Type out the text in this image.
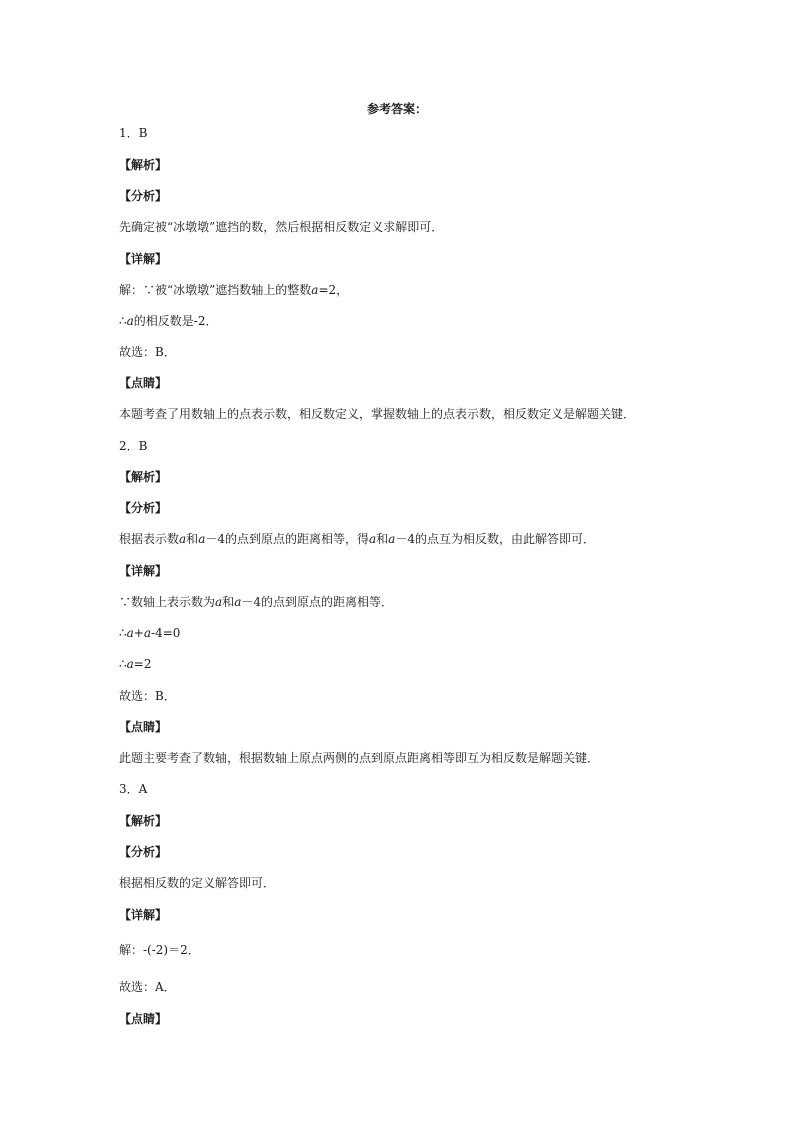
参考答案：
1．B
【解析】
【分析】
先确定被“冰墩墩”遮挡的数，然后根据相反数定义求解即可．
【详解】
解：∵被“冰墩墩”遮挡数轴上的整数a=2，
∴a的相反数是-2．
故选：B．
【点睛】
本题考查了用数轴上的点表示数，相反数定义，掌握数轴上的点表示数，相反数定义是解题关键．
2．B
【解析】
【分析】
根据表示数a和a－4的点到原点的距离相等，得a和a－4的点互为相反数，由此解答即可．
【详解】
∵数轴上表示数为a和a－4的点到原点的距离相等．
∴a+a-4=0
∴a=2
故选：B．
【点睛】
此题主要考查了数轴，根据数轴上原点两侧的点到原点距离相等即互为相反数是解题关键．
3．A
【解析】
【分析】
根据相反数的定义解答即可．
【详解】
解：-(-2)＝2．
故选：A．
【点睛】
